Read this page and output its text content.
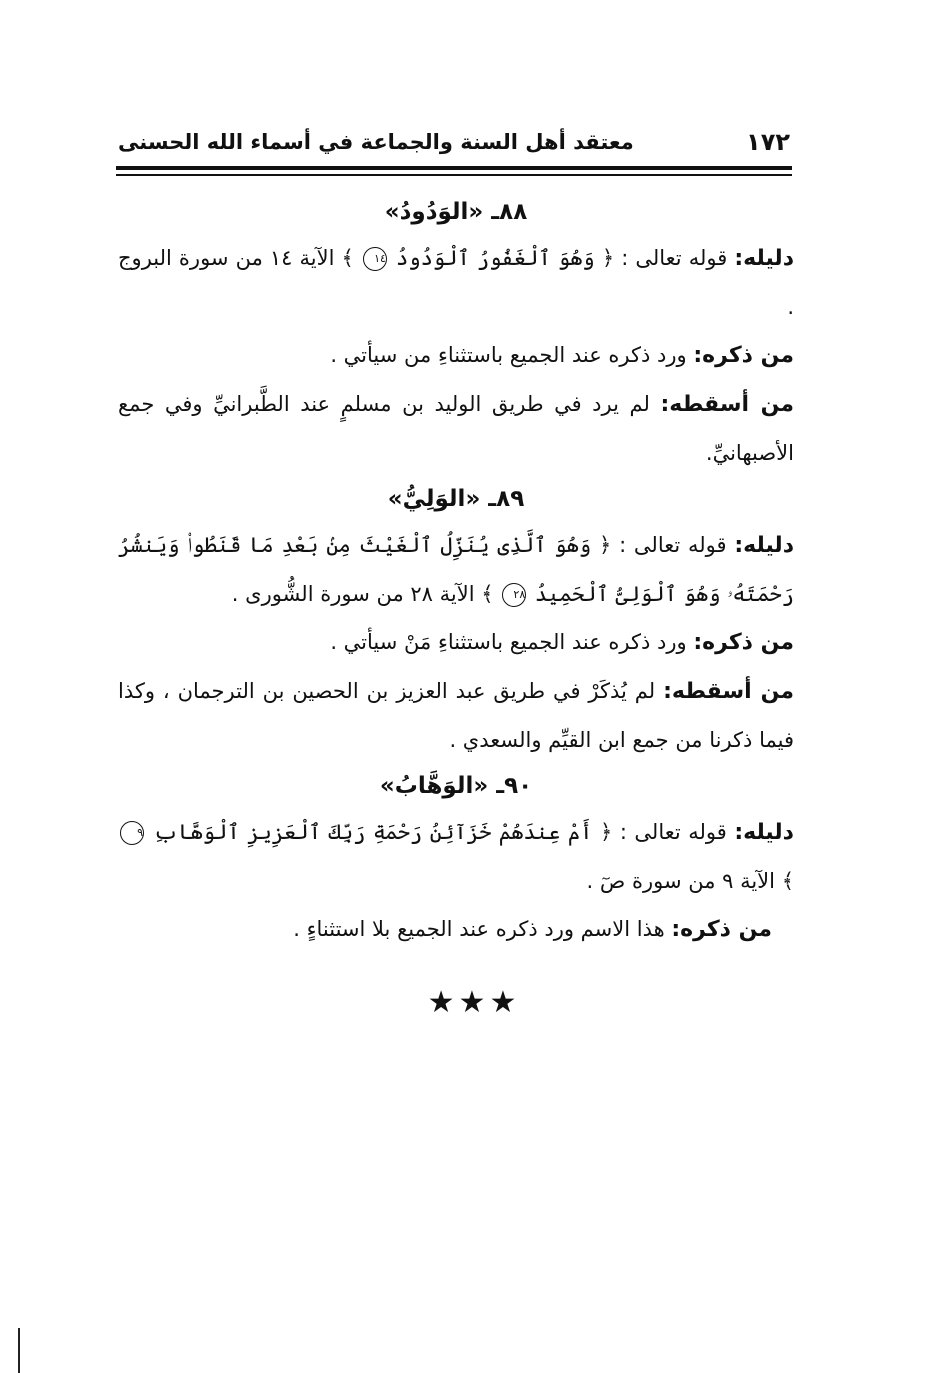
١٧٢
معتقد أهل السنة والجماعة في أسماء الله الحسنى
٨٨ـ «الوَدُودُ»

دليله: قوله تعالى : ﴿ وَهُوَ ٱلْغَفُورُ ٱلْوَدُودُ ١٤ ﴾ الآية ١٤ من سورة البروج .

من ذكره: ورد ذكره عند الجميع باستثناءِ من سيأتي .

من أسقطه: لم يرد في طريق الوليد بن مسلمٍ عند الطَّبرانيِّ وفي جمع الأصبهانيِّ.

٨٩ـ «الوَلِيُّ»

دليله: قوله تعالى : ﴿ وَهُوَ ٱلَّذِى يُنَزِّلُ ٱلْغَيْثَ مِنۢ بَعْدِ مَا قَنَطُوا۟ وَيَنشُرُ رَحْمَتَهُۥ وَهُوَ ٱلْوَلِىُّ ٱلْحَمِيدُ ٢٨ ﴾ الآية ٢٨ من سورة الشُّورى .

من ذكره: ورد ذكره عند الجميع باستثناءِ مَنْ سيأتي .

من أسقطه: لم يُذكَرْ في طريق عبد العزيز بن الحصين بن الترجمان ، وكذا فيما ذكرنا من جمع ابن القيِّم والسعدي .

٩٠ـ «الوَهَّابُ»

دليله: قوله تعالى : ﴿ أَمْ عِندَهُمْ خَزَآئِنُ رَحْمَةِ رَبِّكَ ٱلْعَزِيزِ ٱلْوَهَّابِ ٩ ﴾ الآية ٩ من سورة صٓ .

من ذكره: هذا الاسم ورد ذكره عند الجميع بلا استثناءٍ .

★★★
